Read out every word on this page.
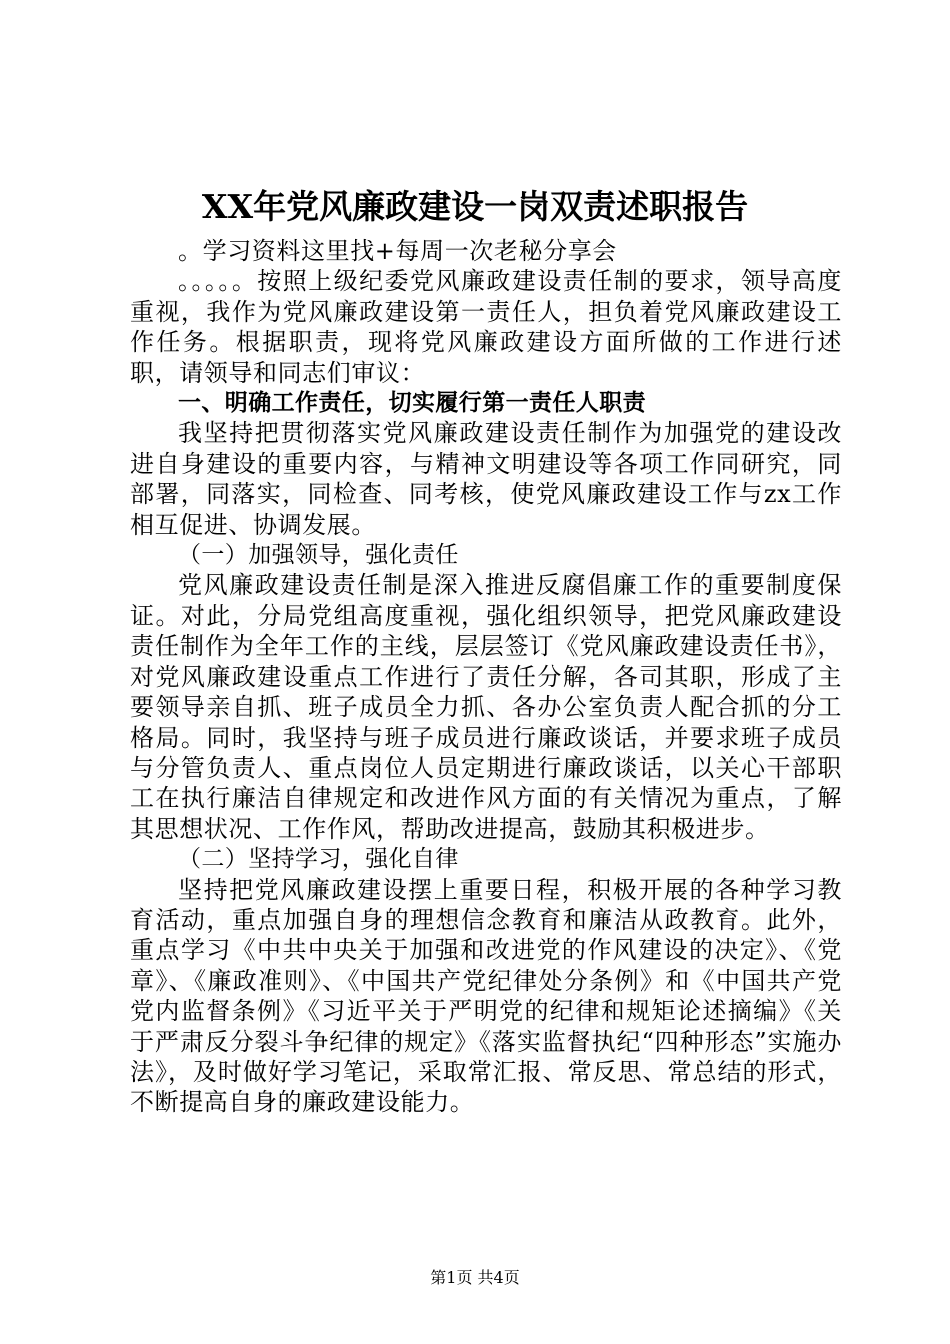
XX年党风廉政建设一岗双责述职报告

。学习资料这里找+每周一次老秘分享会

。。。。。按照上级纪委党风廉政建设责任制的要求，领导高度重视，我作为党风廉政建设第一责任人，担负着党风廉政建设工作任务。根据职责，现将党风廉政建设方面所做的工作进行述职，请领导和同志们审议：

一、明确工作责任，切实履行第一责任人职责

我坚持把贯彻落实党风廉政建设责任制作为加强党的建设改进自身建设的重要内容，与精神文明建设等各项工作同研究，同部署，同落实，同检查、同考核，使党风廉政建设工作与zx工作相互促进、协调发展。

（一）加强领导，强化责任

党风廉政建设责任制是深入推进反腐倡廉工作的重要制度保证。对此，分局党组高度重视，强化组织领导，把党风廉政建设责任制作为全年工作的主线，层层签订《党风廉政建设责任书》，对党风廉政建设重点工作进行了责任分解，各司其职，形成了主要领导亲自抓、班子成员全力抓、各办公室负责人配合抓的分工格局。同时，我坚持与班子成员进行廉政谈话，并要求班子成员与分管负责人、重点岗位人员定期进行廉政谈话，以关心干部职工在执行廉洁自律规定和改进作风方面的有关情况为重点，了解其思想状况、工作作风，帮助改进提高，鼓励其积极进步。

（二）坚持学习，强化自律

坚持把党风廉政建设摆上重要日程，积极开展的各种学习教育活动，重点加强自身的理想信念教育和廉洁从政教育。此外，重点学习《中共中央关于加强和改进党的作风建设的决定》、《党章》、《廉政准则》、《中国共产党纪律处分条例》和《中国共产党党内监督条例》《习近平关于严明党的纪律和规矩论述摘编》《关于严肃反分裂斗争纪律的规定》《落实监督执纪“四种形态”实施办法》，及时做好学习笔记，采取常汇报、常反思、常总结的形式，不断提高自身的廉政建设能力。

第1页 共4页
